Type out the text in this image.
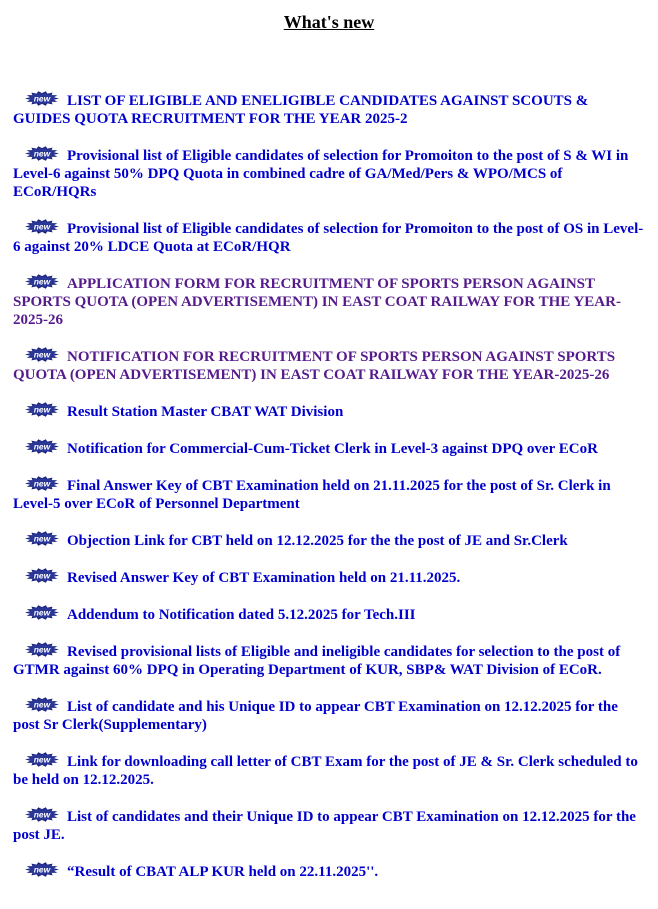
What's new
new LIST OF ELIGIBLE AND ENELIGIBLE CANDIDATES AGAINST SCOUTS & GUIDES QUOTA RECRUITMENT FOR THE YEAR 2025-2
new Provisional list of Eligible candidates of selection for Promoiton to the post of S & WI in Level-6 against 50% DPQ Quota in combined cadre of GA/Med/Pers & WPO/MCS of ECoR/HQRs
new Provisional list of Eligible candidates of selection for Promoiton to the post of OS in Level-6 against 20% LDCE Quota at ECoR/HQR
new APPLICATION FORM FOR RECRUITMENT OF SPORTS PERSON AGAINST SPORTS QUOTA (OPEN ADVERTISEMENT) IN EAST COAT RAILWAY FOR THE YEAR-2025-26
new NOTIFICATION FOR RECRUITMENT OF SPORTS PERSON AGAINST SPORTS QUOTA (OPEN ADVERTISEMENT) IN EAST COAT RAILWAY FOR THE YEAR-2025-26
new Result Station Master CBAT WAT Division
new Notification for Commercial-Cum-Ticket Clerk in Level-3 against DPQ over ECoR
new Final Answer Key of CBT Examination held on 21.11.2025 for the post of Sr. Clerk in Level-5 over ECoR of Personnel Department
new Objection Link for CBT held on 12.12.2025 for the the post of JE and Sr.Clerk
new Revised Answer Key of CBT Examination held on 21.11.2025.
new Addendum to Notification dated 5.12.2025 for Tech.III
new Revised provisional lists of Eligible and ineligible candidates for selection to the post of GTMR against 60% DPQ in Operating Department of KUR, SBP& WAT Division of ECoR.
new List of candidate and his Unique ID to appear CBT Examination on 12.12.2025 for the post Sr Clerk(Supplementary)
new Link for downloading call letter of CBT Exam for the post of JE & Sr. Clerk scheduled to be held on 12.12.2025.
new List of candidates and their Unique ID to appear CBT Examination on 12.12.2025 for the post JE.
new “Result of CBAT ALP KUR held on 22.11.2025''.
